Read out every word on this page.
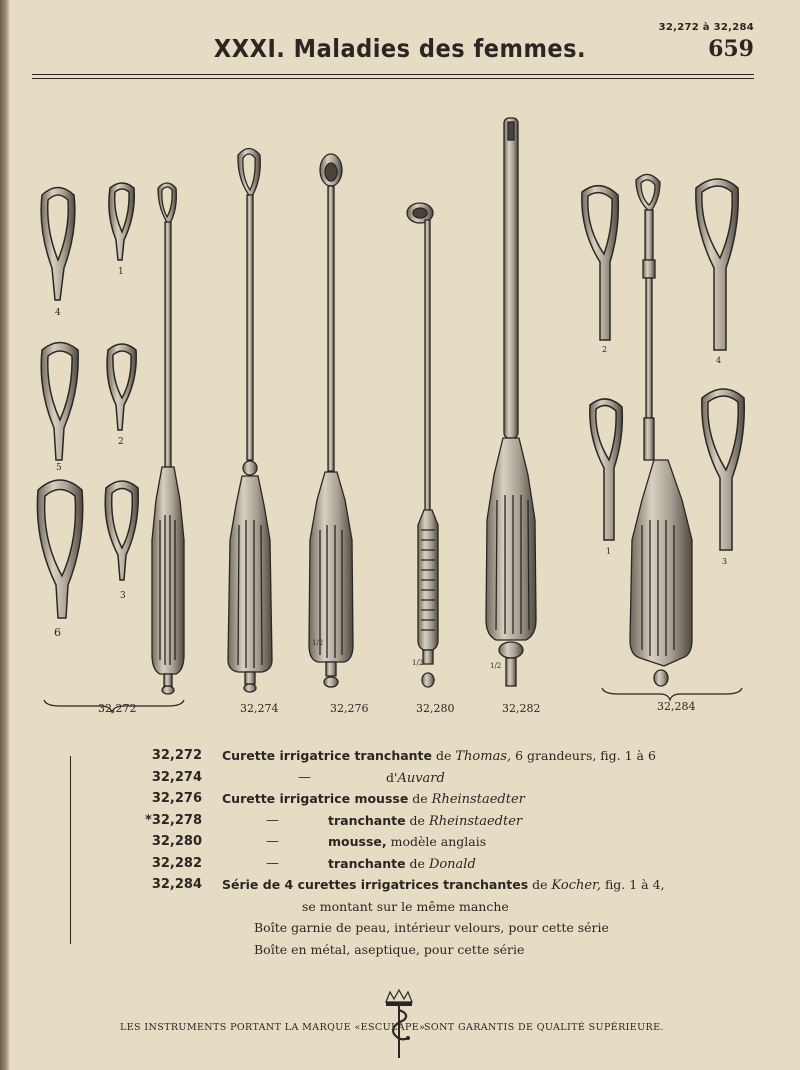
32,272 à 32,284
XXXI. Maladies des femmes.	659
4
1
5
2
6
3
1/2
1/2	1/2
2
4
1
3
32,272	32,274	32,276	32,280	32,282	32,284
32,272 Curette irrigatrice tranchante de Thomas, 6 grandeurs, fig. 1 à 6
32,274	—	d'Auvard
32,276 Curette irrigatrice mousse de Rheinstaedter
*32,278	—	tranchante de Rheinstaedter
32,280	—	mousse, modèle anglais
32,282	—	tranchante de Donald
32,284 Série de 4 curettes irrigatrices tranchantes de Kocher, fig. 1 à 4,
se montant sur le même manche
Boîte garnie de peau, intérieur velours, pour cette série
Boîte en métal, aseptique, pour cette série
LES INSTRUMENTS PORTANT LA MARQUE «ESCULAPE»
SONT GARANTIS DE QUALITÉ SUPÉRIEURE.
